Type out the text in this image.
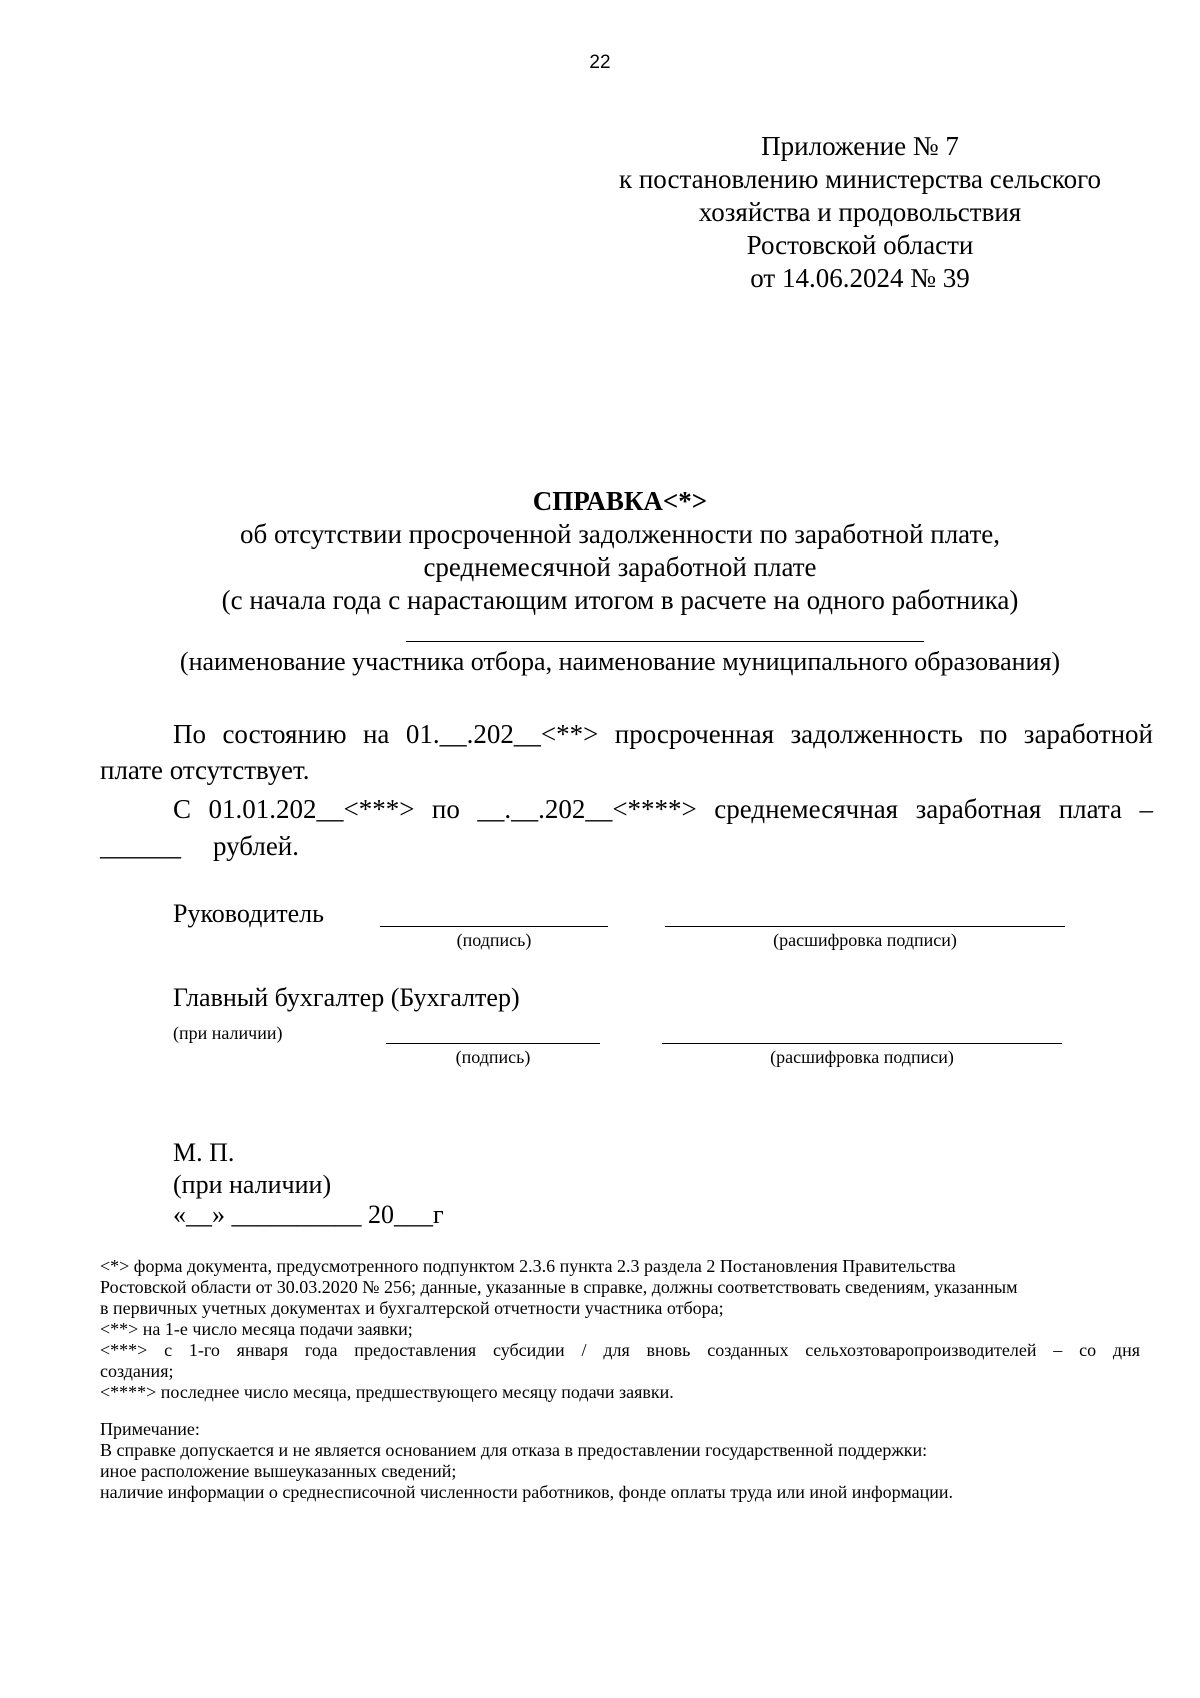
22
Приложение № 7
к постановлению министерства сельского
хозяйства и продовольствия
Ростовской области
от 14.06.2024 № 39
СПРАВКА<*>
об отсутствии просроченной задолженности по заработной плате,
среднемесячной заработной плате
(с начала года с нарастающим итогом в расчете на одного работника)
(наименование участника отбора, наименование муниципального образования)
По состоянию на 01.__.202__<**> просроченная задолженность по заработной
плате отсутствует.
С 01.01.202__<***> по __.__.202__<****> среднемесячная заработная плата –
______ рублей.
Руководитель
(подпись)	(расшифровка подписи)
Главный бухгалтер (Бухгалтер)
(при наличии)
(подпись)	(расшифровка подписи)
М. П.
(при наличии)
«__» __________ 20___г
<*> форма документа, предусмотренного подпунктом 2.3.6 пункта 2.3 раздела 2 Постановления Правительства
Ростовской области от 30.03.2020 № 256; данные, указанные в справке, должны соответствовать сведениям, указанным
в первичных учетных документах и бухгалтерской отчетности участника отбора;
<**> на 1-е число месяца подачи заявки;
<***> с 1-го января года предоставления субсидии / для вновь созданных сельхозтоваропроизводителей – со дня
создания;
<****> последнее число месяца, предшествующего месяцу подачи заявки.
Примечание:
В справке допускается и не является основанием для отказа в предоставлении государственной поддержки:
иное расположение вышеуказанных сведений;
наличие информации о среднесписочной численности работников, фонде оплаты труда или иной информации.
